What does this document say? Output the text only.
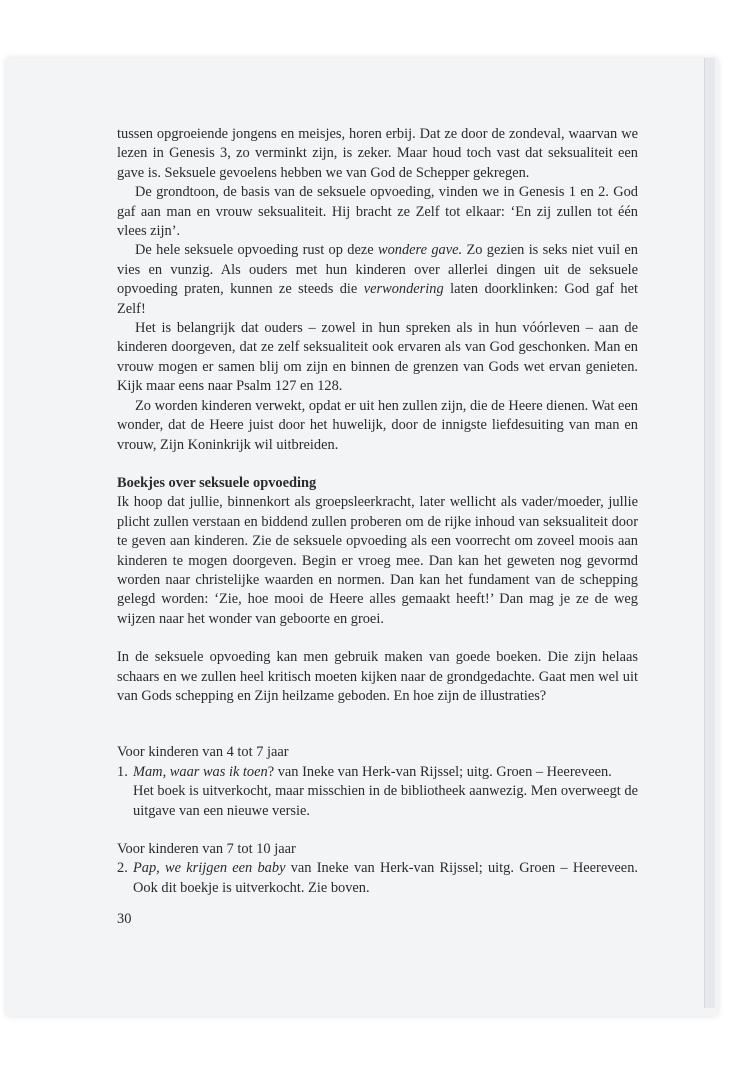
tussen opgroeiende jongens en meisjes, horen erbij. Dat ze door de zondeval, waarvan we lezen in Genesis 3, zo verminkt zijn, is zeker. Maar houd toch vast dat seksualiteit een gave is. Seksuele gevoelens hebben we van God de Schepper gekregen.

De grondtoon, de basis van de seksuele opvoeding, vinden we in Genesis 1 en 2. God gaf aan man en vrouw seksualiteit. Hij bracht ze Zelf tot elkaar: ‘En zij zullen tot één vlees zijn’.

De hele seksuele opvoeding rust op deze wondere gave. Zo gezien is seks niet vuil en vies en vunzig. Als ouders met hun kinderen over allerlei dingen uit de seksuele opvoeding praten, kunnen ze steeds die verwondering laten doorklinken: God gaf het Zelf!

Het is belangrijk dat ouders – zowel in hun spreken als in hun vóórleven – aan de kinderen doorgeven, dat ze zelf seksualiteit ook ervaren als van God geschonken. Man en vrouw mogen er samen blij om zijn en binnen de grenzen van Gods wet ervan genieten. Kijk maar eens naar Psalm 127 en 128.

Zo worden kinderen verwekt, opdat er uit hen zullen zijn, die de Heere dienen. Wat een wonder, dat de Heere juist door het huwelijk, door de innigste liefdesuiting van man en vrouw, Zijn Koninkrijk wil uitbreiden.

Boekjes over seksuele opvoeding

Ik hoop dat jullie, binnenkort als groepsleerkracht, later wellicht als vader/moeder, jullie plicht zullen verstaan en biddend zullen proberen om de rijke inhoud van seksualiteit door te geven aan kinderen. Zie de seksuele opvoeding als een voorrecht om zoveel moois aan kinderen te mogen doorgeven. Begin er vroeg mee. Dan kan het geweten nog gevormd worden naar christelijke waarden en normen. Dan kan het fundament van de schepping gelegd worden: ‘Zie, hoe mooi de Heere alles gemaakt heeft!’ Dan mag je ze de weg wijzen naar het wonder van geboorte en groei.

In de seksuele opvoeding kan men gebruik maken van goede boeken. Die zijn helaas schaars en we zullen heel kritisch moeten kijken naar de grondgedachte. Gaat men wel uit van Gods schepping en Zijn heilzame geboden. En hoe zijn de illustraties?

Voor kinderen van 4 tot 7 jaar

1. Mam, waar was ik toen? van Ineke van Herk-van Rijssel; uitg. Groen – Heereveen.
Het boek is uitverkocht, maar misschien in de bibliotheek aanwezig. Men overweegt de uitgave van een nieuwe versie.

Voor kinderen van 7 tot 10 jaar

2. Pap, we krijgen een baby van Ineke van Herk-van Rijssel; uitg. Groen – Heereveen. Ook dit boekje is uitverkocht. Zie boven.
30
